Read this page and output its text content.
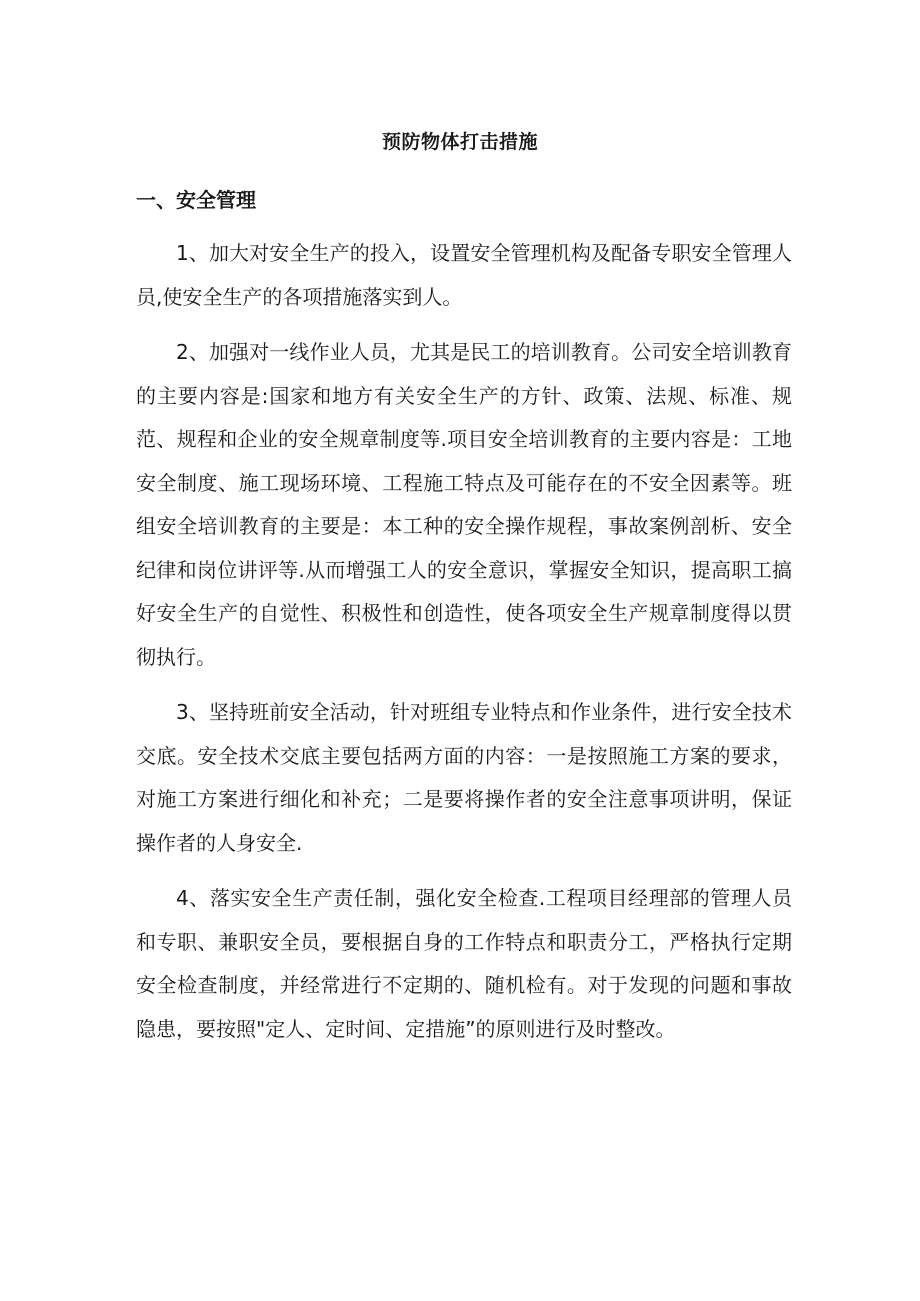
预防物体打击措施
一、安全管理

1、加大对安全生产的投入，设置安全管理机构及配备专职安全管理人员,使安全生产的各项措施落实到人。

2、加强对一线作业人员，尤其是民工的培训教育。公司安全培训教育的主要内容是:国家和地方有关安全生产的方针、政策、法规、标准、规范、规程和企业的安全规章制度等.项目安全培训教育的主要内容是：工地安全制度、施工现场环境、工程施工特点及可能存在的不安全因素等。班组安全培训教育的主要是：本工种的安全操作规程，事故案例剖析、安全纪律和岗位讲评等.从而增强工人的安全意识，掌握安全知识，提高职工搞好安全生产的自觉性、积极性和创造性，使各项安全生产规章制度得以贯彻执行。

3、坚持班前安全活动，针对班组专业特点和作业条件，进行安全技术交底。安全技术交底主要包括两方面的内容：一是按照施工方案的要求，对施工方案进行细化和补充；二是要将操作者的安全注意事项讲明，保证操作者的人身安全.

4、落实安全生产责任制，强化安全检查.工程项目经理部的管理人员和专职、兼职安全员，要根据自身的工作特点和职责分工，严格执行定期安全检查制度，并经常进行不定期的、随机检有。对于发现的问题和事故隐患，要按照"定人、定时间、定措施”的原则进行及时整改。
